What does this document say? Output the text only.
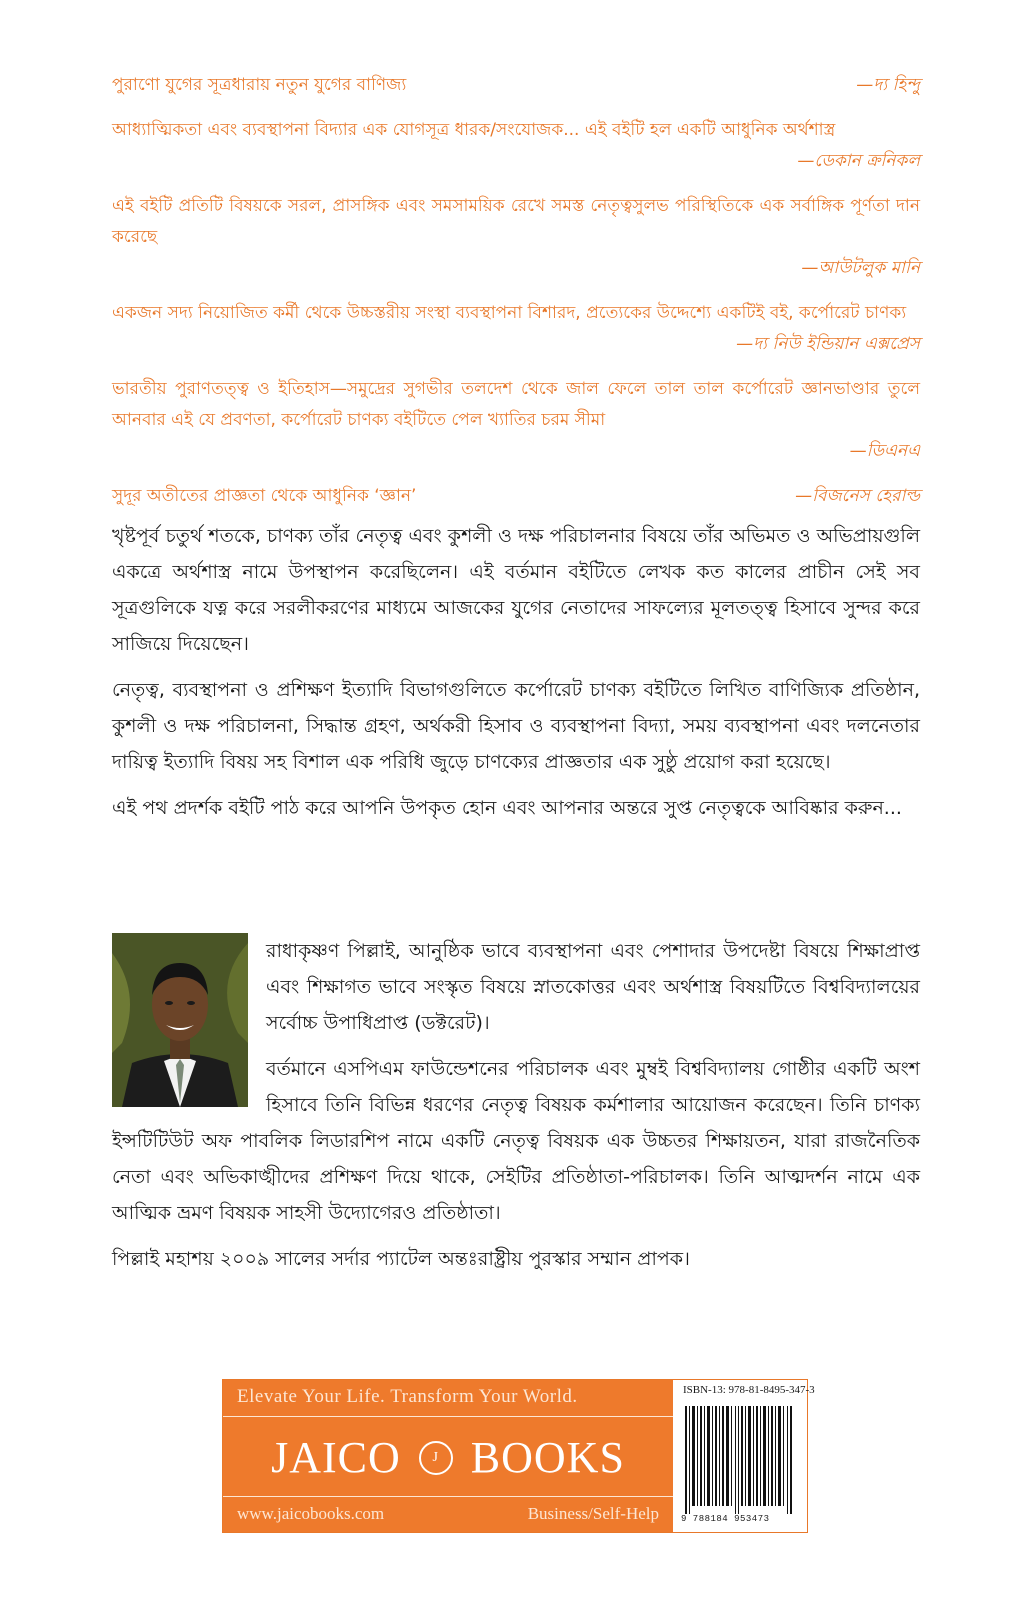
পুরাণো যুগের সূত্রধারায় নতুন যুগের বাণিজ্য	—দ্য হিন্দু
আধ্যাত্মিকতা এবং ব্যবস্থাপনা বিদ্যার এক যোগসূত্র ধারক/সংযোজক... এই বইটি হল একটি আধুনিক অর্থশাস্ত্র
—ডেকান ক্রনিকল
এই বইটি প্রতিটি বিষয়কে সরল, প্রাসঙ্গিক এবং সমসাময়িক রেখে সমস্ত নেতৃত্বসুলভ পরিস্থিতিকে এক সর্বাঙ্গিক পূর্ণতা দান করেছে
—আউটলুক মানি
একজন সদ্য নিয়োজিত কর্মী থেকে উচ্চস্তরীয় সংস্থা ব্যবস্থাপনা বিশারদ, প্রত্যেকের উদ্দেশ্যে একটিই বই, কর্পোরেট চাণক্য
—দ্য নিউ ইন্ডিয়ান এক্সপ্রেস
ভারতীয় পুরাণতত্ত্ব ও ইতিহাস—সমুদ্রের সুগভীর তলদেশ থেকে জাল ফেলে তাল তাল কর্পোরেট জ্ঞানভাণ্ডার তুলে আনবার এই যে প্রবণতা, কর্পোরেট চাণক্য বইটিতে পেল খ্যাতির চরম সীমা
—ডিএনএ
সুদূর অতীতের প্রাজ্ঞতা থেকে আধুনিক ‘জ্ঞান’	—বিজনেস হেরাল্ড

খৃষ্টপূর্ব চতুর্থ শতকে, চাণক্য তাঁর নেতৃত্ব এবং কুশলী ও দক্ষ পরিচালনার বিষয়ে তাঁর অভিমত ও অভিপ্রায়গুলি একত্রে অর্থশাস্ত্র নামে উপস্থাপন করেছিলেন। এই বর্তমান বইটিতে লেখক কত কালের প্রাচীন সেই সব সূত্রগুলিকে যত্ন করে সরলীকরণের মাধ্যমে আজকের যুগের নেতাদের সাফল্যের মূলতত্ত্ব হিসাবে সুন্দর করে সাজিয়ে দিয়েছেন।

নেতৃত্ব, ব্যবস্থাপনা ও প্রশিক্ষণ ইত্যাদি বিভাগগুলিতে কর্পোরেট চাণক্য বইটিতে লিখিত বাণিজ্যিক প্রতিষ্ঠান, কুশলী ও দক্ষ পরিচালনা, সিদ্ধান্ত গ্রহণ, অর্থকরী হিসাব ও ব্যবস্থাপনা বিদ্যা, সময় ব্যবস্থাপনা এবং দলনেতার দায়িত্ব ইত্যাদি বিষয় সহ বিশাল এক পরিধি জুড়ে চাণক্যের প্রাজ্ঞতার এক সুষ্ঠু প্রয়োগ করা হয়েছে।

এই পথ প্রদর্শক বইটি পাঠ করে আপনি উপকৃত হোন এবং আপনার অন্তরে সুপ্ত নেতৃত্বকে আবিষ্কার করুন...

রাধাকৃষ্ণণ পিল্লাই, আনুষ্ঠিক ভাবে ব্যবস্থাপনা এবং পেশাদার উপদেষ্টা বিষয়ে শিক্ষাপ্রাপ্ত এবং শিক্ষাগত ভাবে সংস্কৃত বিষয়ে স্নাতকোত্তর এবং অর্থশাস্ত্র বিষয়টিতে বিশ্ববিদ্যালয়ের সর্বোচ্চ উপাধিপ্রাপ্ত (ডক্টরেট)।

বর্তমানে এসপিএম ফাউন্ডেশনের পরিচালক এবং মুম্বই বিশ্ববিদ্যালয় গোষ্ঠীর একটি অংশ হিসাবে তিনি বিভিন্ন ধরণের নেতৃত্ব বিষয়ক কর্মশালার আয়োজন করেছেন। তিনি চাণক্য ইন্সটিটিউট অফ পাবলিক লিডারশিপ নামে একটি নেতৃত্ব বিষয়ক এক উচ্চতর শিক্ষায়তন, যারা রাজনৈতিক নেতা এবং অভিকাঙ্খীদের প্রশিক্ষণ দিয়ে থাকে, সেইটির প্রতিষ্ঠাতা-পরিচালক। তিনি আত্মদর্শন নামে এক আত্মিক ভ্রমণ বিষয়ক সাহসী উদ্যোগেরও প্রতিষ্ঠাতা।

পিল্লাই মহাশয় ২০০৯ সালের সর্দার প্যাটেল অন্তঃরাষ্ট্রীয় পুরস্কার সম্মান প্রাপক।

Elevate Your Life. Transform Your World.
JAICO J BOOKS
www.jaicobooks.com	Business/Self-Help
ISBN-13: 978-81-8495-347-3
9 788184 953473
